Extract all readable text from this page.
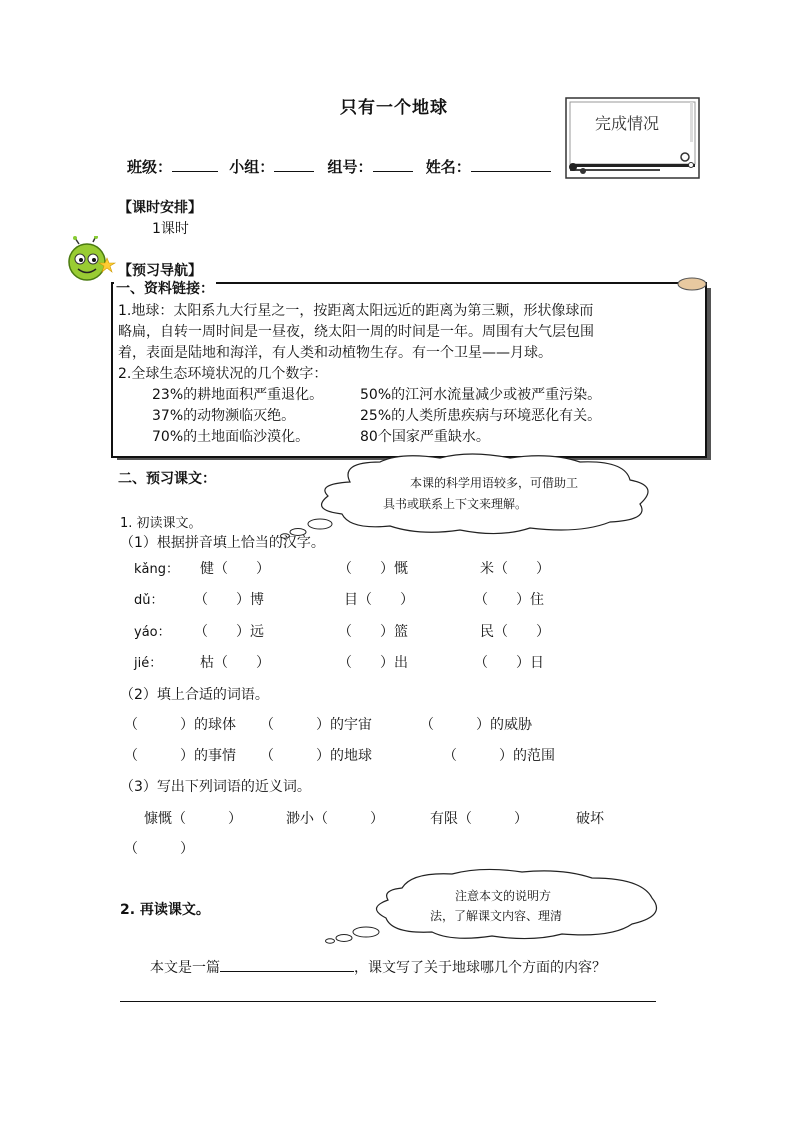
只有一个地球
完成情况
班级：	小组：	组号：	姓名：
【课时安排】
1课时
【预习导航】
一、资料链接：
1.地球：太阳系九大行星之一，按距离太阳远近的距离为第三颗，形状像球而
略扁，自转一周时间是一昼夜，绕太阳一周的时间是一年。周围有大气层包围
着，表面是陆地和海洋，有人类和动植物生存。有一个卫星——月球。
2.全球生态环境状况的几个数字：
23%的耕地面积严重退化。	50%的江河水流量减少或被严重污染。
37%的动物濒临灭绝。	25%的人类所患疾病与环境恶化有关。
70%的土地面临沙漠化。	80个国家严重缺水。
二、预习课文：	本课的科学用语较多，可借助工
具书或联系上下文来理解。
1. 初读课文。
（1）根据拼音填上恰当的汉字。
kǎng： 健（　　）	（　　）慨	米（　　）
dǔ： （　　）博	目（　　）	（　　）住
yáo： （　　）远	（　　）篮	民（　　）
jié：	枯（　　）	（　　）出	（　　）日
（2）填上合适的词语。
（　　　）的球体 （　　　）的宇宙	（　　　）的威胁
（　　　）的事情 （　　　）的地球	（　　　）的范围
（3）写出下列词语的近义词。
慷慨（　　　）	渺小（　　　）	有限（　　　）	破坏
（　　　）
2. 再读课文。
注意本文的说明方
法，了解课文内容、理清
本文是一篇	，课文写了关于地球哪几个方面的内容？
